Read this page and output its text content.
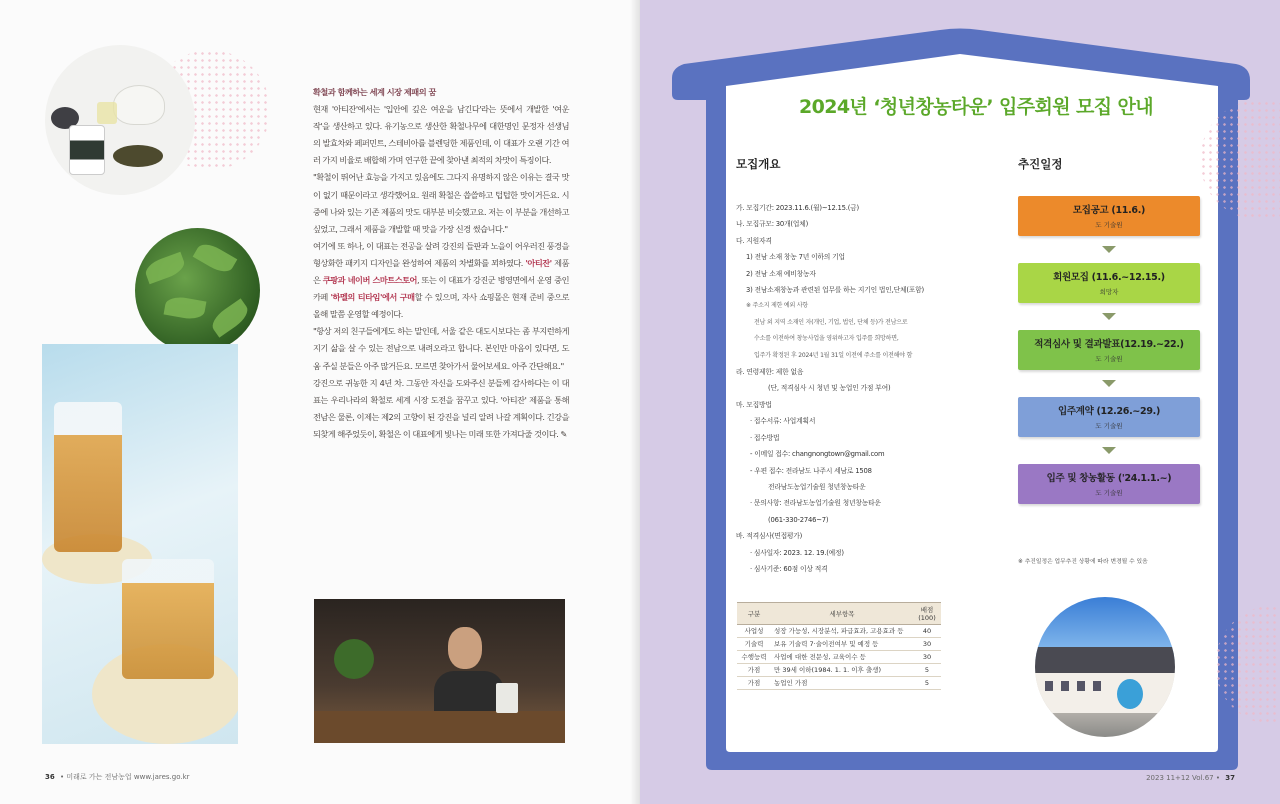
확철과 함께하는 세계 시장 제패의 꿈

현재 '아티잔'에서는 '입안에 깊은 여운을 남긴다'라는 뜻에서 개발한 '여운작'을 생산하고 있다. 유기농으로 생산한 확철나무에 대한명인 문정자 선생님의 발효차와 페퍼민트, 스테비아를 블렌딩한 제품인데, 이 대표가 오랜 기간 여러 가지 비율로 배합해 가며 연구한 끝에 찾아낸 최적의 차맛이 특징이다.

"확철이 뛰어난 효능을 가지고 있음에도 그다지 유명하지 않은 이유는 결국 맛이 없기 때문이라고 생각했어요. 원래 확철은 씁쓸하고 텁텁한 맛이거든요. 시중에 나와 있는 기존 제품의 맛도 대부분 비슷했고요. 저는 이 부분을 개선하고 싶었고, 그래서 제품을 개발할 때 맛을 가장 신경 썼습니다."

여기에 또 하나, 이 대표는 전공을 살려 강진의 들판과 노을이 어우러진 풍경을 형상화한 패키지 디자인을 완성하여 제품의 차별화를 꾀하였다. '아티잔' 제품은 쿠팡과 네이버 스마트스토어, 또는 이 대표가 강진군 병영면에서 운영 중인 카페 '하멜의 티타임'에서 구매할 수 있으며, 자사 쇼핑몰은 현재 준비 중으로 올해 말쯤 운영할 예정이다.

"항상 저의 친구들에게도 하는 말인데, 서울 같은 대도시보다는 좀 부지런하게 지기 삶을 살 수 있는 전남으로 내려오라고 합니다. 본인만 마음이 있다면, 도움 주실 분들은 아주 많거든요. 모르면 찾아가서 물어보세요. 아주 간단해요."

강진으로 귀농한 지 4년 차. 그동안 자신을 도와주신 분들께 감사하다는 이 대표는 우리나라의 확철로 세계 시장 도전을 꿈꾸고 있다. '아티잔' 제품을 통해 전남은 물론, 이제는 제2의 고향이 된 강진을 널리 알려 나갈 계획이다. 긴강을 되찾게 해주었듯이, 확철은 이 대표에게 빛나는 미래 또한 가져다줄 것이다. ✎

36 • 미래로 가는 전남농업 www.jares.go.kr
2024년 ‘청년창농타운’ 입주회원 모집 안내
모집개요
가. 모집기간: 2023.11.6.(월)~12.15.(금)
나. 모집규모: 30개(업체)
다. 지원자격
1) 전남 소재 창농 7년 이하의 기업
2) 전남 소재 예비창농자
3) 전남소재창농과 관련된 업무를 하는 지기인 법인,단체(포함)
※ 주소지 제한 예외 사항
전남 외 지역 소재인 자(개인, 기업, 법인, 단체 등)가 전남으로
수소를 이전하여 창농사업을 영위하고자 입주를 희망하면,
입주가 확정된 후 2024년 1월 31일 이전에 주소를 이전해야 함
라. 연령제한: 제한 없음
(단, 적격심사 시 청년 및 농업인 가점 부여)
마. 모집방법
· 접수서류: 사업계획서
· 접수방법
- 이메일 접수: changnongtown@gmail.com
- 우편 접수: 전라남도 나주시 세남로 1508
전라남도농업기술원 청년창농타운
· 문의사항: 전라남도농업기술원 청년창농타운
(061-330-2746~7)
바. 적격심사(면접평가)
· 심사일자: 2023. 12. 19.(예정)
· 심사기준: 60점 이상 적격
구분	세부항목	배점 (100)
사업성	성장 가능성, 시장분석, 파급효과, 고용효과 등	40
기술력	보유 기술력 7·술이전여부 및 예정 등	30
수행능력	사업에 대한 전문성, 교육이수 등	30
가점	만 39세 이하(1984. 1. 1. 이후 출생)	5
가점	농업인 가점	5
추진일정
모집공고 (11.6.)
도 기술원
회원모집 (11.6.~12.15.)
희망자
적격심사 및 결과발표(12.19.~22.)
도 기술원
입주계약 (12.26.~29.)
도 기술원
입주 및 창농활동 ('24.1.1.~)
도 기술원
※ 추진일정은 업무추진 상황에 따라 변경될 수 있음
2023 11+12 Vol.67 • 37
